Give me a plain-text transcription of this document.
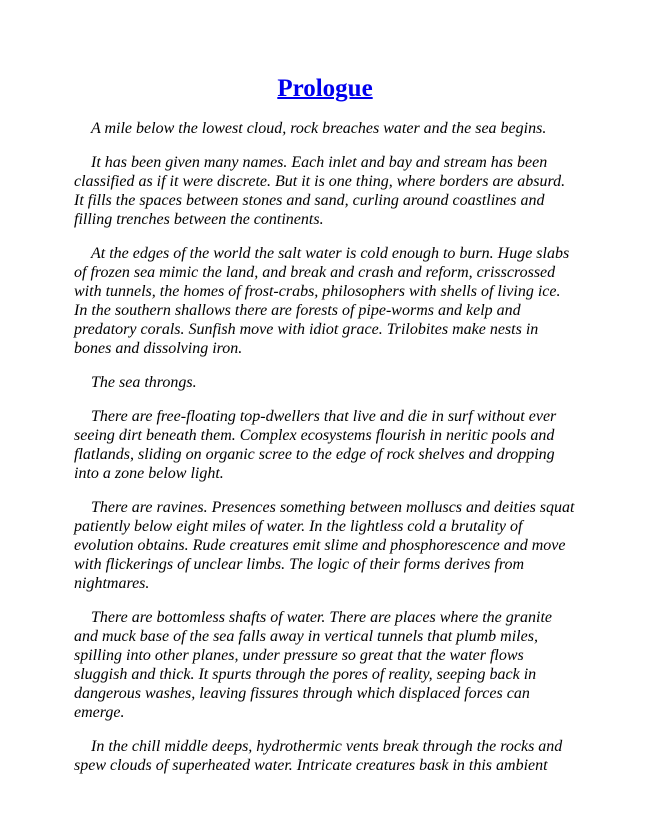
Prologue

A mile below the lowest cloud, rock breaches water and the sea begins.

It has been given many names. Each inlet and bay and stream has been classified as if it were discrete. But it is one thing, where borders are absurd. It fills the spaces between stones and sand, curling around coastlines and filling trenches between the continents.

At the edges of the world the salt water is cold enough to burn. Huge slabs of frozen sea mimic the land, and break and crash and reform, crisscrossed with tunnels, the homes of frost-crabs, philosophers with shells of living ice. In the southern shallows there are forests of pipe-worms and kelp and predatory corals. Sunfish move with idiot grace. Trilobites make nests in bones and dissolving iron.

The sea throngs.

There are free-floating top-dwellers that live and die in surf without ever seeing dirt beneath them. Complex ecosystems flourish in neritic pools and flatlands, sliding on organic scree to the edge of rock shelves and dropping into a zone below light.

There are ravines. Presences something between molluscs and deities squat patiently below eight miles of water. In the lightless cold a brutality of evolution obtains. Rude creatures emit slime and phosphorescence and move with flickerings of unclear limbs. The logic of their forms derives from nightmares.

There are bottomless shafts of water. There are places where the granite and muck base of the sea falls away in vertical tunnels that plumb miles, spilling into other planes, under pressure so great that the water flows sluggish and thick. It spurts through the pores of reality, seeping back in dangerous washes, leaving fissures through which displaced forces can emerge.

In the chill middle deeps, hydrothermic vents break through the rocks and spew clouds of superheated water. Intricate creatures bask in this ambient
